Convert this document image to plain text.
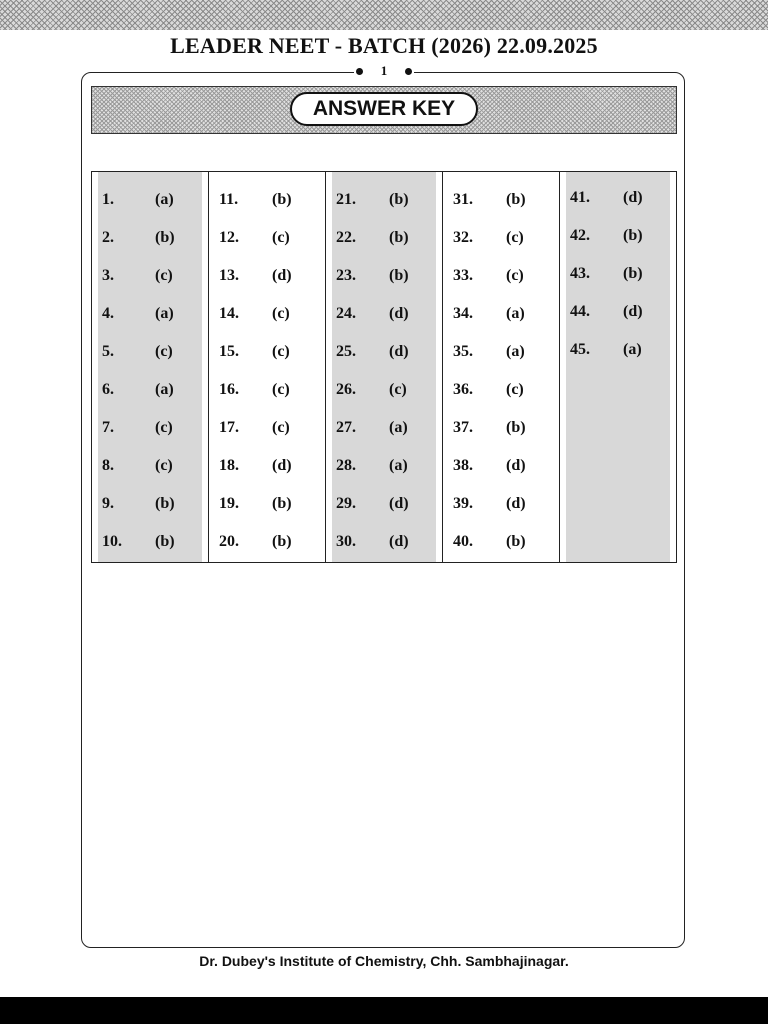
LEADER NEET - BATCH (2026) 22.09.2025
1
ANSWER KEY
1.	(a)
2.	(b)
3.	(c)
4.	(a)
5.	(c)
6.	(a)
7.	(c)
8.	(c)
9.	(b)
10.	(b)
11.	(b)
12.	(c)
13.	(d)
14.	(c)
15.	(c)
16.	(c)
17.	(c)
18.	(d)
19.	(b)
20.	(b)
21.	(b)
22.	(b)
23.	(b)
24.	(d)
25.	(d)
26.	(c)
27.	(a)
28.	(a)
29.	(d)
30.	(d)
31.	(b)
32.	(c)
33.	(c)
34.	(a)
35.	(a)
36.	(c)
37.	(b)
38.	(d)
39.	(d)
40.	(b)
41.	(d)
42.	(b)
43.	(b)
44.	(d)
45.	(a)
Dr. Dubey's Institute of Chemistry, Chh. Sambhajinagar.
